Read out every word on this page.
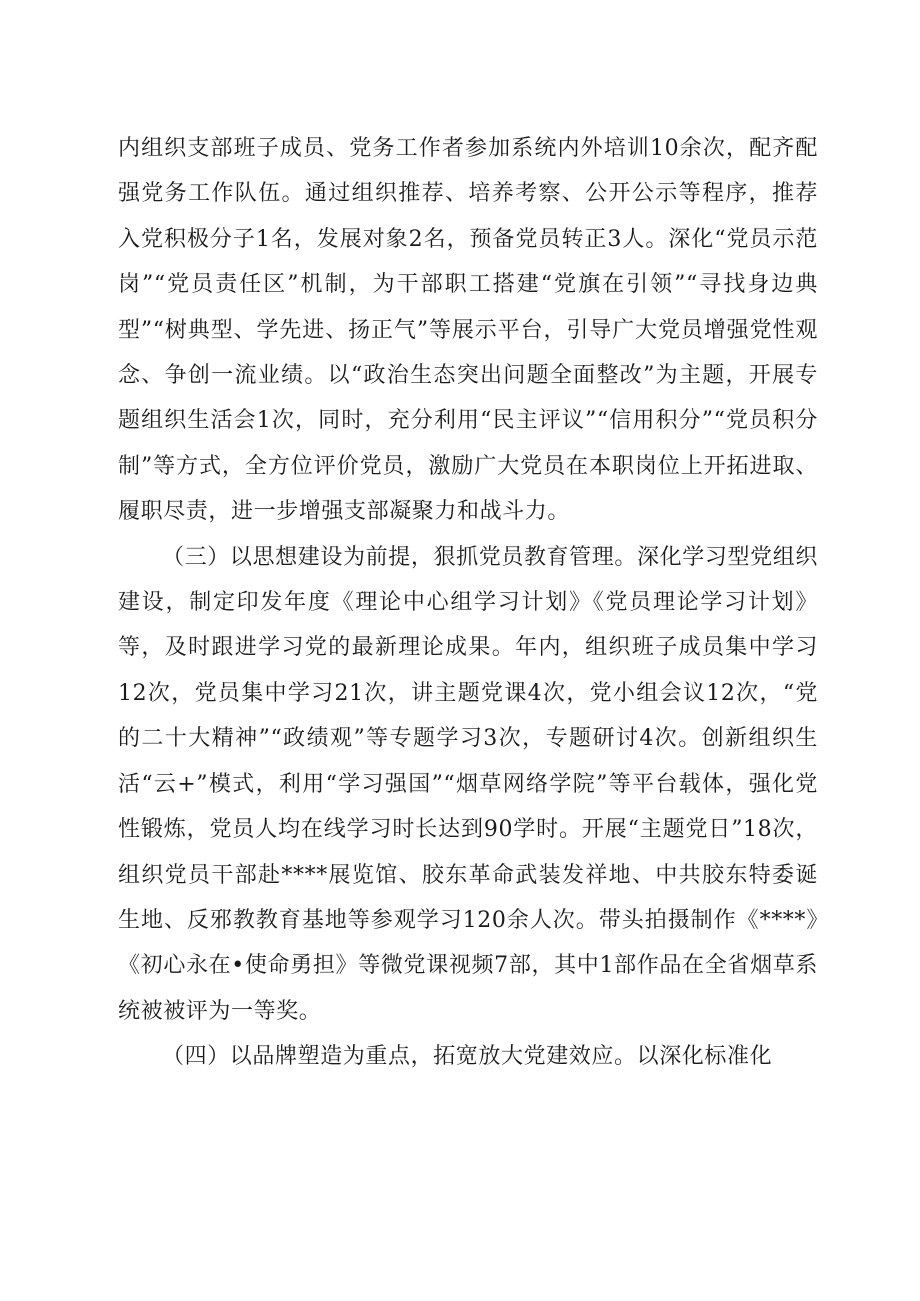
内组织支部班子成员、党务工作者参加系统内外培训10余次，配齐配强党务工作队伍。通过组织推荐、培养考察、公开公示等程序，推荐入党积极分子1名，发展对象2名，预备党员转正3人。深化“党员示范岗”“党员责任区”机制，为干部职工搭建“党旗在引领”“寻找身边典型”“树典型、学先进、扬正气”等展示平台，引导广大党员增强党性观念、争创一流业绩。以“政治生态突出问题全面整改”为主题，开展专题组织生活会1次，同时，充分利用“民主评议”“信用积分”“党员积分制”等方式，全方位评价党员，激励广大党员在本职岗位上开拓进取、履职尽责，进一步增强支部凝聚力和战斗力。

（三）以思想建设为前提，狠抓党员教育管理。深化学习型党组织建设，制定印发年度《理论中心组学习计划》《党员理论学习计划》等，及时跟进学习党的最新理论成果。年内，组织班子成员集中学习12次，党员集中学习21次，讲主题党课4次，党小组会议12次，“党的二十大精神”“政绩观”等专题学习3次，专题研讨4次。创新组织生活“云+”模式，利用“学习强国”“烟草网络学院”等平台载体，强化党性锻炼，党员人均在线学习时长达到90学时。开展“主题党日”18次，组织党员干部赴****展览馆、胶东革命武装发祥地、中共胶东特委诞生地、反邪教教育基地等参观学习120余人次。带头拍摄制作《****》《初心永在•使命勇担》等微党课视频7部，其中1部作品在全省烟草系统被被评为一等奖。

（四）以品牌塑造为重点，拓宽放大党建效应。以深化标准化
